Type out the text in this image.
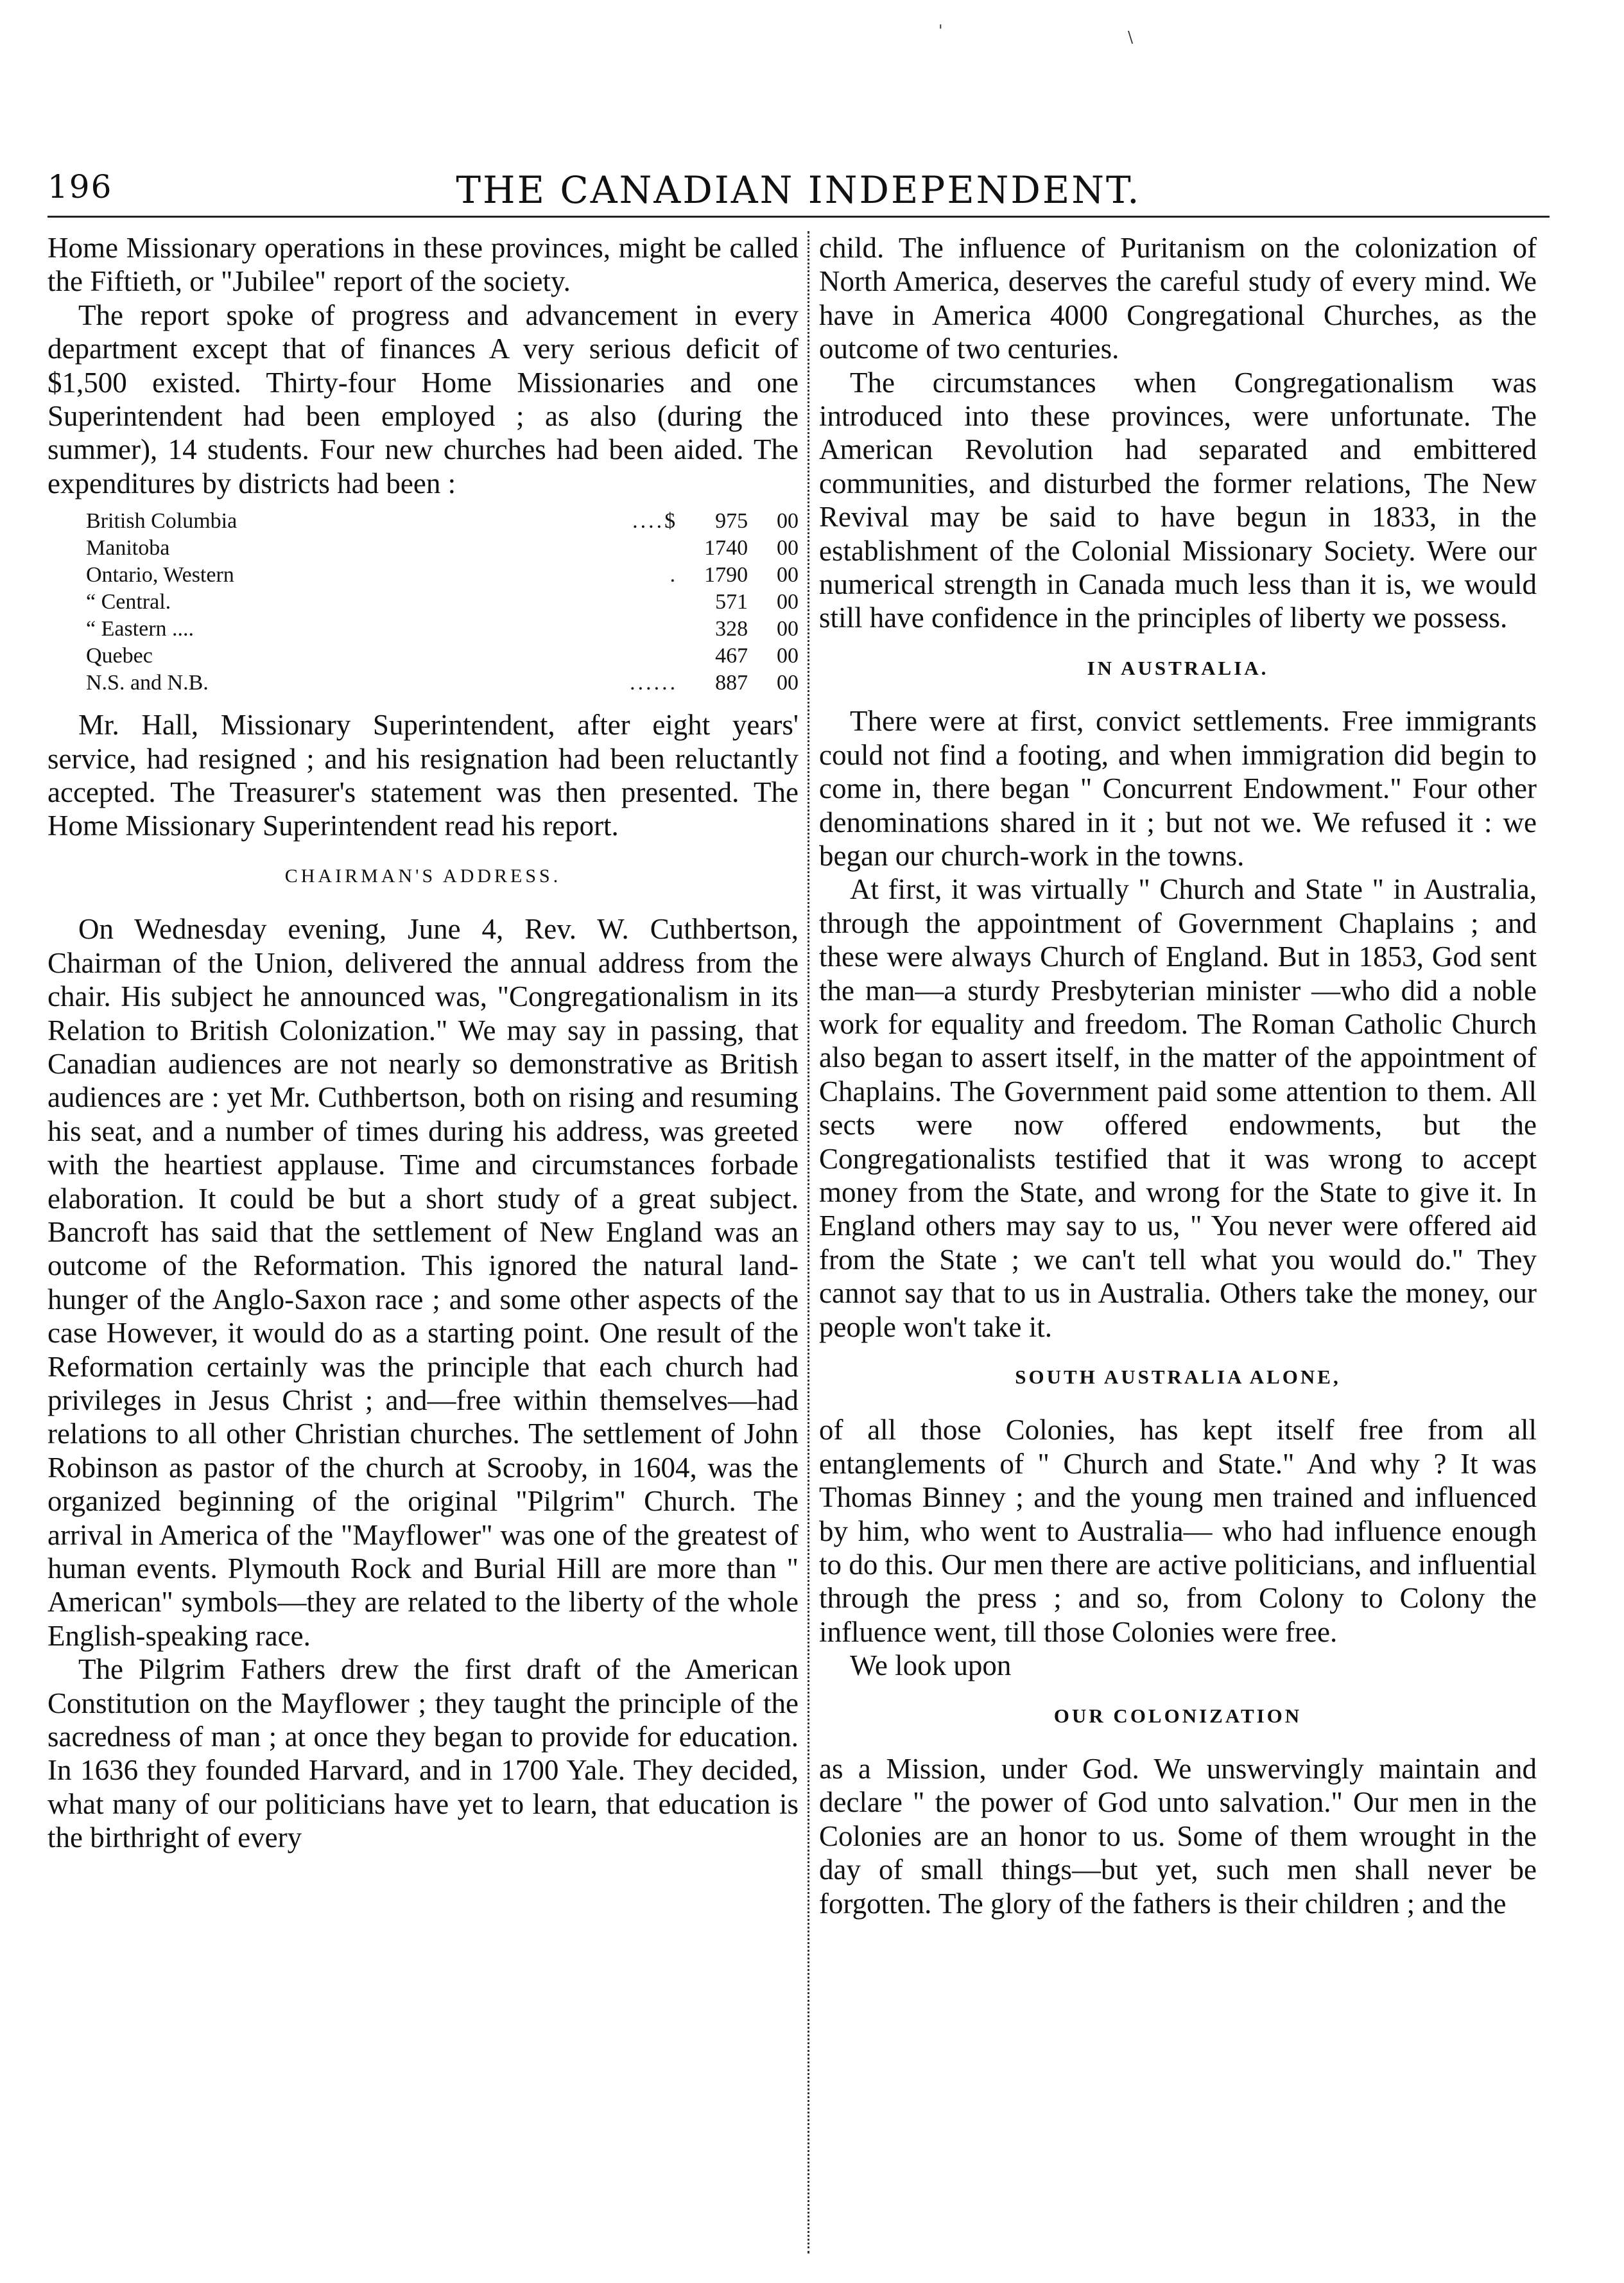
'	\
196	THE CANADIAN INDEPENDENT.

Home Missionary operations in these provinces, might be called the Fiftieth, or "Jubilee" report of the society.

The report spoke of progress and advancement in every department except that of finances A very serious deficit of $1,500 existed. Thirty-four Home Missionaries and one Superintendent had been employed ; as also (during the summer), 14 students. Four new churches had been aided. The expenditures by districts had been :

British Columbia	....$	975	00
Manitoba		1740	00
Ontario, Western	.	1790	00
“ Central.		571	00
“ Eastern ....		328	00
Quebec		467	00
N.S. and N.B.	......	887	00

Mr. Hall, Missionary Superintendent, after eight years' service, had resigned ; and his resignation had been reluctantly accepted. The Treasurer's statement was then presented. The Home Missionary Superintendent read his report.

CHAIRMAN'S ADDRESS.

On Wednesday evening, June 4, Rev. W. Cuthbertson, Chairman of the Union, delivered the annual address from the chair. His subject he announced was, "Congregationalism in its Relation to British Colonization." We may say in passing, that Canadian audiences are not nearly so demonstrative as British audiences are : yet Mr. Cuthbertson, both on rising and resuming his seat, and a number of times during his address, was greeted with the heartiest applause. Time and circumstances forbade elaboration. It could be but a short study of a great subject. Bancroft has said that the settlement of New England was an outcome of the Reformation. This ignored the natural land-hunger of the Anglo-Saxon race ; and some other aspects of the case However, it would do as a starting point. One result of the Reformation certainly was the principle that each church had privileges in Jesus Christ ; and—free within themselves—had relations to all other Christian churches. The settlement of John Robinson as pastor of the church at Scrooby, in 1604, was the organized beginning of the original "Pilgrim" Church. The arrival in America of the "Mayflower" was one of the greatest of human events. Plymouth Rock and Burial Hill are more than " American" symbols—they are related to the liberty of the whole English-speaking race.

The Pilgrim Fathers drew the first draft of the American Constitution on the Mayflower ; they taught the principle of the sacredness of man ; at once they began to provide for education. In 1636 they founded Harvard, and in 1700 Yale. They decided, what many of our politicians have yet to learn, that education is the birthright of every

child. The influence of Puritanism on the colonization of North America, deserves the careful study of every mind. We have in America 4000 Congregational Churches, as the outcome of two centuries.

The circumstances when Congregationalism was introduced into these provinces, were unfortunate. The American Revolution had separated and embittered communities, and disturbed the former relations, The New Revival may be said to have begun in 1833, in the establishment of the Colonial Missionary Society. Were our numerical strength in Canada much less than it is, we would still have confidence in the principles of liberty we possess.

IN AUSTRALIA.

There were at first, convict settlements. Free immigrants could not find a footing, and when immigration did begin to come in, there began " Concurrent Endowment." Four other denominations shared in it ; but not we. We refused it : we began our church-work in the towns.

At first, it was virtually " Church and State " in Australia, through the appointment of Government Chaplains ; and these were always Church of England. But in 1853, God sent the man—a sturdy Presbyterian minister —who did a noble work for equality and freedom. The Roman Catholic Church also began to assert itself, in the matter of the appointment of Chaplains. The Government paid some attention to them. All sects were now offered endowments, but the Congregationalists testified that it was wrong to accept money from the State, and wrong for the State to give it. In England others may say to us, " You never were offered aid from the State ; we can't tell what you would do." They cannot say that to us in Australia. Others take the money, our people won't take it.

SOUTH AUSTRALIA ALONE,

of all those Colonies, has kept itself free from all entanglements of " Church and State." And why ? It was Thomas Binney ; and the young men trained and influenced by him, who went to Australia— who had influence enough to do this. Our men there are active politicians, and influential through the press ; and so, from Colony to Colony the influence went, till those Colonies were free.

We look upon

OUR COLONIZATION

as a Mission, under God. We unswervingly maintain and declare " the power of God unto salvation." Our men in the Colonies are an honor to us. Some of them wrought in the day of small things—but yet, such men shall never be forgotten. The glory of the fathers is their children ; and the
